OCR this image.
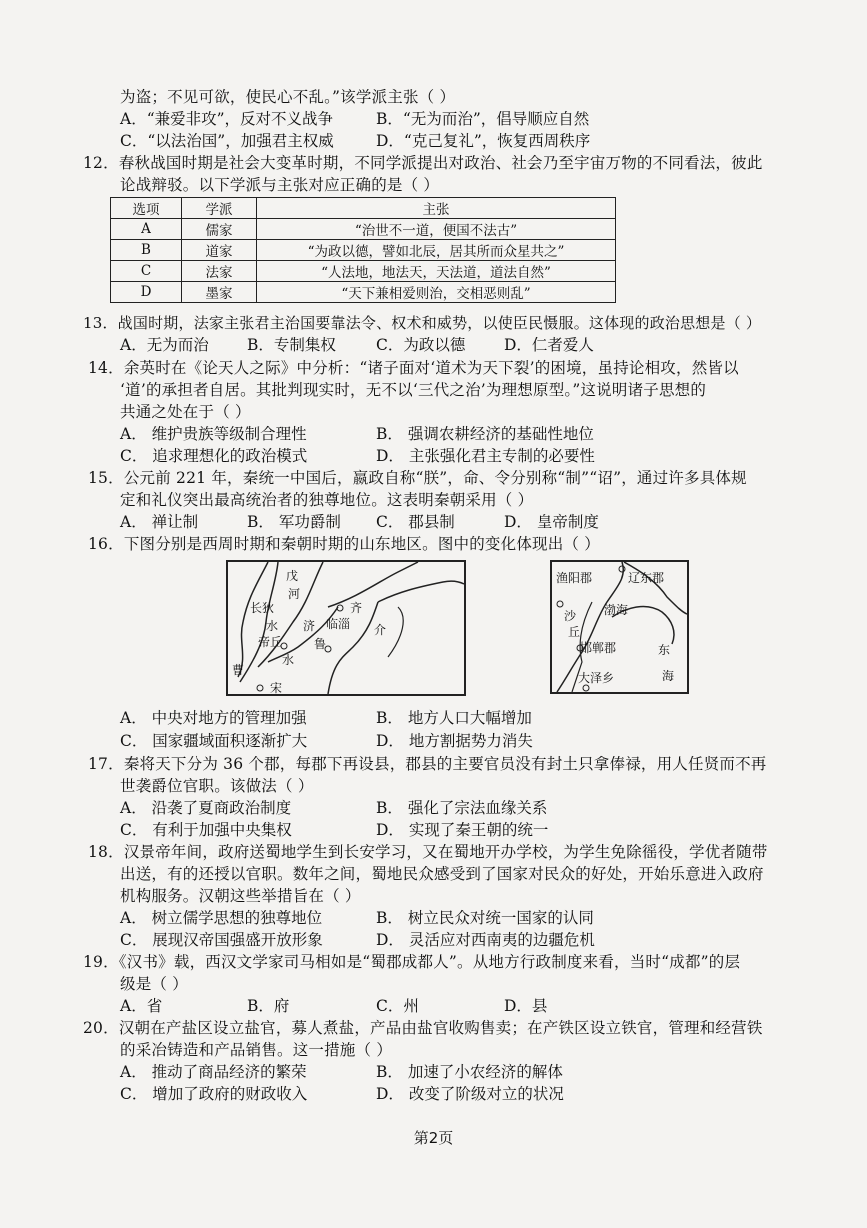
为盗；不见可欲，使民心不乱。”该学派主张（ ）
A．“兼爱非攻”，反对不义战争	B．“无为而治”，倡导顺应自然
C．“以法治国”，加强君主权威	D．“克己复礼”，恢复西周秩序
12．春秋战国时期是社会大变革时期，不同学派提出对政治、社会乃至宇宙万物的不同看法，彼此
论战辩驳。以下学派与主张对应正确的是（ ）
选项	学派	主张
A	儒家	“治世不一道，便国不法古”
B	道家	“为政以德，譬如北辰，居其所而众星共之”
C	法家	“人法地，地法天，天法道，道法自然”
D	墨家	“天下兼相爱则治，交相恶则乱”
13．战国时期，法家主张君主治国要靠法令、权术和威势，以使臣民慑服。这体现的政治思想是（ ）
A．无为而治 B．专制集权	C．为政以德 D．仁者爱人
14．余英时在《论天人之际》中分析：“诸子面对‘道术为天下裂’的困境，虽持论相攻，然皆以
‘道’的承担者自居。其批判现实时，无不以‘三代之治’为理想原型。”这说明诸子思想的
共通之处在于（ ）
A． 维护贵族等级制合理性	B． 强调农耕经济的基础性地位
C． 追求理想化的政治模式	D． 主张强化君主专制的必要性
15．公元前 221 年，秦统一中国后，嬴政自称“朕”，命、令分别称“制”“诏”，通过许多具体规
定和礼仪突出最高统治者的独尊地位。这表明秦朝采用（ ）
A． 禅让制	B． 军功爵制 C． 郡县制	D． 皇帝制度
16．下图分别是西周时期和秦朝时期的山东地区。图中的变化体现出（ ）
戊
河
长狄
水
帝丘
济 临淄
齐
介
鲁
水
曹
宋
渔阳郡	辽东郡
渤海
沙
丘
邯郸郡	东
海
大泽乡
A． 中央对地方的管理加强	B． 地方人口大幅增加
C． 国家疆域面积逐渐扩大	D． 地方割据势力消失
17．秦将天下分为 36 个郡，每郡下再设县，郡县的主要官员没有封土只拿俸禄，用人任贤而不再
世袭爵位官职。该做法（ ）
A． 沿袭了夏商政治制度	B． 强化了宗法血缘关系
C． 有利于加强中央集权	D． 实现了秦王朝的统一
18．汉景帝年间，政府送蜀地学生到长安学习，又在蜀地开办学校，为学生免除徭役，学优者随带
出送，有的还授以官职。数年之间，蜀地民众感受到了国家对民众的好处，开始乐意进入政府
机构服务。汉朝这些举措旨在（ ）
A． 树立儒学思想的独尊地位	B． 树立民众对统一国家的认同
C． 展现汉帝国强盛开放形象	D． 灵活应对西南夷的边疆危机
19．《汉书》载，西汉文学家司马相如是“蜀郡成都人”。从地方行政制度来看，当时“成都”的层
级是（ ）
A．省	B．府	C．州	D．县
20．汉朝在产盐区设立盐官，募人煮盐，产品由盐官收购售卖；在产铁区设立铁官，管理和经营铁
的采冶铸造和产品销售。这一措施（ ）
A． 推动了商品经济的繁荣	B． 加速了小农经济的解体
C． 增加了政府的财政收入	D． 改变了阶级对立的状况
第2页
